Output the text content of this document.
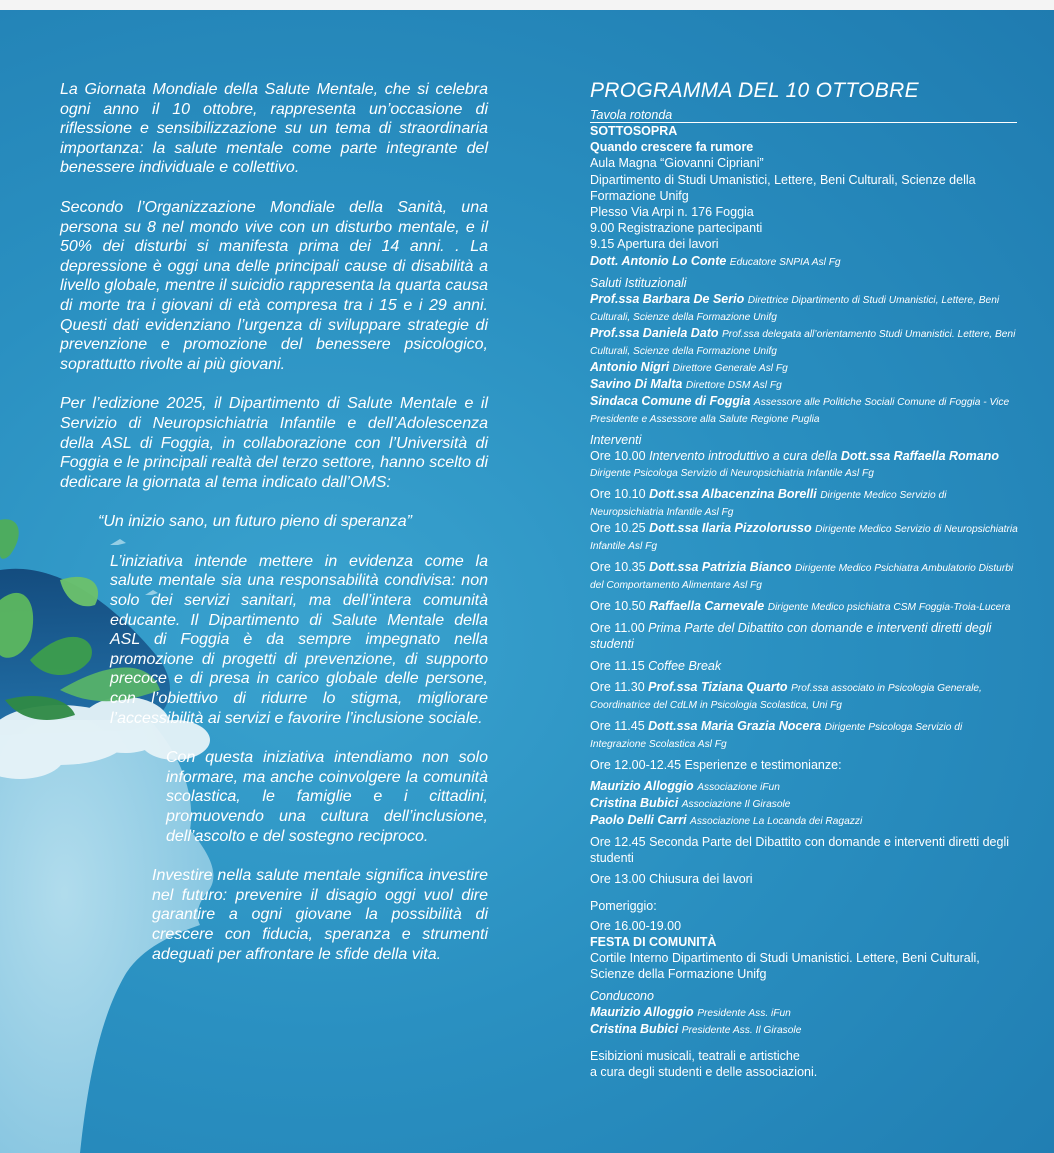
La Giornata Mondiale della Salute Mentale, che si celebra ogni anno il 10 ottobre, rappresenta un’occasione di riflessione e sensibilizzazione su un tema di straordinaria importanza: la salute mentale come parte integrante del benessere individuale e collettivo.

Secondo l’Organizzazione Mondiale della Sanità, una persona su 8 nel mondo vive con un disturbo mentale, e il 50% dei disturbi si manifesta prima dei 14 anni. . La depressione è oggi una delle principali cause di disabilità a livello globale, mentre il suicidio rappresenta la quarta causa di morte tra i giovani di età compresa tra i 15 e i 29 anni. Questi dati evidenziano l’urgenza di sviluppare strategie di prevenzione e promozione del benessere psicologico, soprattutto rivolte ai più giovani.

Per l’edizione 2025, il Dipartimento di Salute Mentale e il Servizio di Neuropsichiatria Infantile e dell’Adolescenza della ASL di Foggia, in collaborazione con l’Università di Foggia e le principali realtà del terzo settore, hanno scelto di dedicare la giornata al tema indicato dall’OMS:

“Un inizio sano, un futuro pieno di speranza”

L’iniziativa intende mettere in evidenza come la salute mentale sia una responsabilità condivisa: non solo dei servizi sanitari, ma dell’intera comunità educante. Il Dipartimento di Salute Mentale della ASL di Foggia è da sempre impegnato nella promozione di progetti di prevenzione, di supporto precoce e di presa in carico globale delle persone, con l’obiettivo di ridurre lo stigma, migliorare l’accessibilità ai servizi e favorire l’inclusione sociale.

Con questa iniziativa intendiamo non solo informare, ma anche coinvolgere la comunità scolastica, le famiglie e i cittadini, promuovendo una cultura dell’inclusione, dell’ascolto e del sostegno reciproco.

Investire nella salute mentale significa investire nel futuro: prevenire il disagio oggi vuol dire garantire a ogni giovane la possibilità di crescere con fiducia, speranza e strumenti adeguati per affrontare le sfide della vita.

PROGRAMMA DEL 10 OTTOBRE
Tavola rotonda
SOTTOSOPRA
Quando crescere fa rumore
Aula Magna “Giovanni Cipriani”
Dipartimento di Studi Umanistici, Lettere, Beni Culturali, Scienze della Formazione Unifg
Plesso Via Arpi n. 176 Foggia
9.00 Registrazione partecipanti
9.15 Apertura dei lavori
Dott. Antonio Lo Conte Educatore SNPIA Asl Fg
Saluti Istituzionali
Prof.ssa Barbara De Serio Direttrice Dipartimento di Studi Umanistici, Lettere, Beni Culturali, Scienze della Formazione Unifg
Prof.ssa Daniela Dato Prof.ssa delegata all’orientamento Studi Umanistici. Lettere, Beni Culturali, Scienze della Formazione Unifg
Antonio Nigri Direttore Generale Asl Fg
Savino Di Malta Direttore DSM Asl Fg
Sindaca Comune di Foggia Assessore alle Politiche Sociali Comune di Foggia - Vice Presidente e Assessore alla Salute Regione Puglia
Interventi
Ore 10.00 Intervento introduttivo a cura della Dott.ssa Raffaella Romano Dirigente Psicologa Servizio di Neuropsichiatria Infantile Asl Fg
Ore 10.10 Dott.ssa Albacenzina Borelli Dirigente Medico Servizio di Neuropsichiatria Infantile Asl Fg
Ore 10.25 Dott.ssa Ilaria Pizzolorusso Dirigente Medico Servizio di Neuropsichiatria Infantile Asl Fg
Ore 10.35 Dott.ssa Patrizia Bianco Dirigente Medico Psichiatra Ambulatorio Disturbi del Comportamento Alimentare Asl Fg
Ore 10.50 Raffaella Carnevale Dirigente Medico psichiatra CSM Foggia-Troia-Lucera
Ore 11.00 Prima Parte del Dibattito con domande e interventi diretti degli studenti
Ore 11.15 Coffee Break
Ore 11.30 Prof.ssa Tiziana Quarto Prof.ssa associato in Psicologia Generale, Coordinatrice del CdLM in Psicologia Scolastica, Uni Fg
Ore 11.45 Dott.ssa Maria Grazia Nocera Dirigente Psicologa Servizio di Integrazione Scolastica Asl Fg
Ore 12.00-12.45 Esperienze e testimonianze:
Maurizio Alloggio Associazione iFun
Cristina Bubici Associazione Il Girasole
Paolo Delli Carri Associazione La Locanda dei Ragazzi
Ore 12.45 Seconda Parte del Dibattito con domande e interventi diretti degli studenti
Ore 13.00 Chiusura dei lavori
Pomeriggio:
Ore 16.00-19.00
FESTA DI COMUNITÀ
Cortile Interno Dipartimento di Studi Umanistici. Lettere, Beni Culturali, Scienze della Formazione Unifg
Conducono
Maurizio Alloggio Presidente Ass. iFun
Cristina Bubici Presidente Ass. Il Girasole
Esibizioni musicali, teatrali e artistiche
a cura degli studenti e delle associazioni.
